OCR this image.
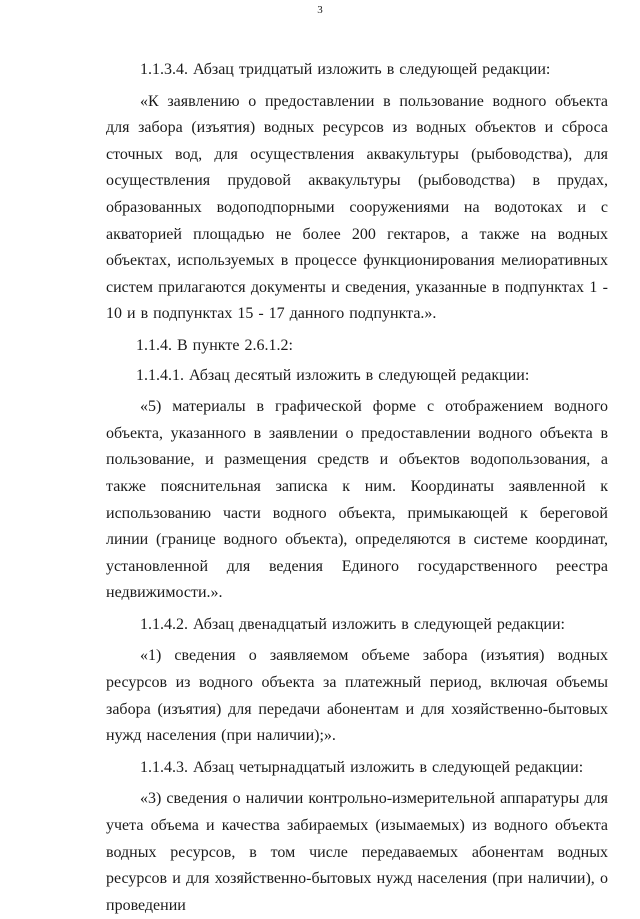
3

1.1.3.4. Абзац тридцатый изложить в следующей редакции:

«К заявлению о предоставлении в пользование водного объекта для забора (изъятия) водных ресурсов из водных объектов и сброса сточных вод, для осуществления аквакультуры (рыбоводства), для осуществления прудовой аквакультуры (рыбоводства) в прудах, образованных водоподпорными сооружениями на водотоках и с акваторией площадью не более 200 гектаров, а также на водных объектах, используемых в процессе функционирования мелиоративных систем прилагаются документы и сведения, указанные в подпунктах 1 - 10 и в подпунктах 15 - 17 данного подпункта.».

1.1.4. В пункте 2.6.1.2:

1.1.4.1. Абзац десятый изложить в следующей редакции:

«5) материалы в графической форме с отображением водного объекта, указанного в заявлении о предоставлении водного объекта в пользование, и размещения средств и объектов водопользования, а также пояснительная записка к ним. Координаты заявленной к использованию части водного объекта, примыкающей к береговой линии (границе водного объекта), определяются в системе координат, установленной для ведения Единого государственного реестра недвижимости.».

1.1.4.2. Абзац двенадцатый изложить в следующей редакции:

«1) сведения о заявляемом объеме забора (изъятия) водных ресурсов из водного объекта за платежный период, включая объемы забора (изъятия) для передачи абонентам и для хозяйственно-бытовых нужд населения (при наличии);».

1.1.4.3. Абзац четырнадцатый изложить в следующей редакции:

«3) сведения о наличии контрольно-измерительной аппаратуры для учета объема и качества забираемых (изымаемых) из водного объекта водных ресурсов, в том числе передаваемых абонентам водных ресурсов и для хозяйственно-бытовых нужд населения (при наличии), о проведении
